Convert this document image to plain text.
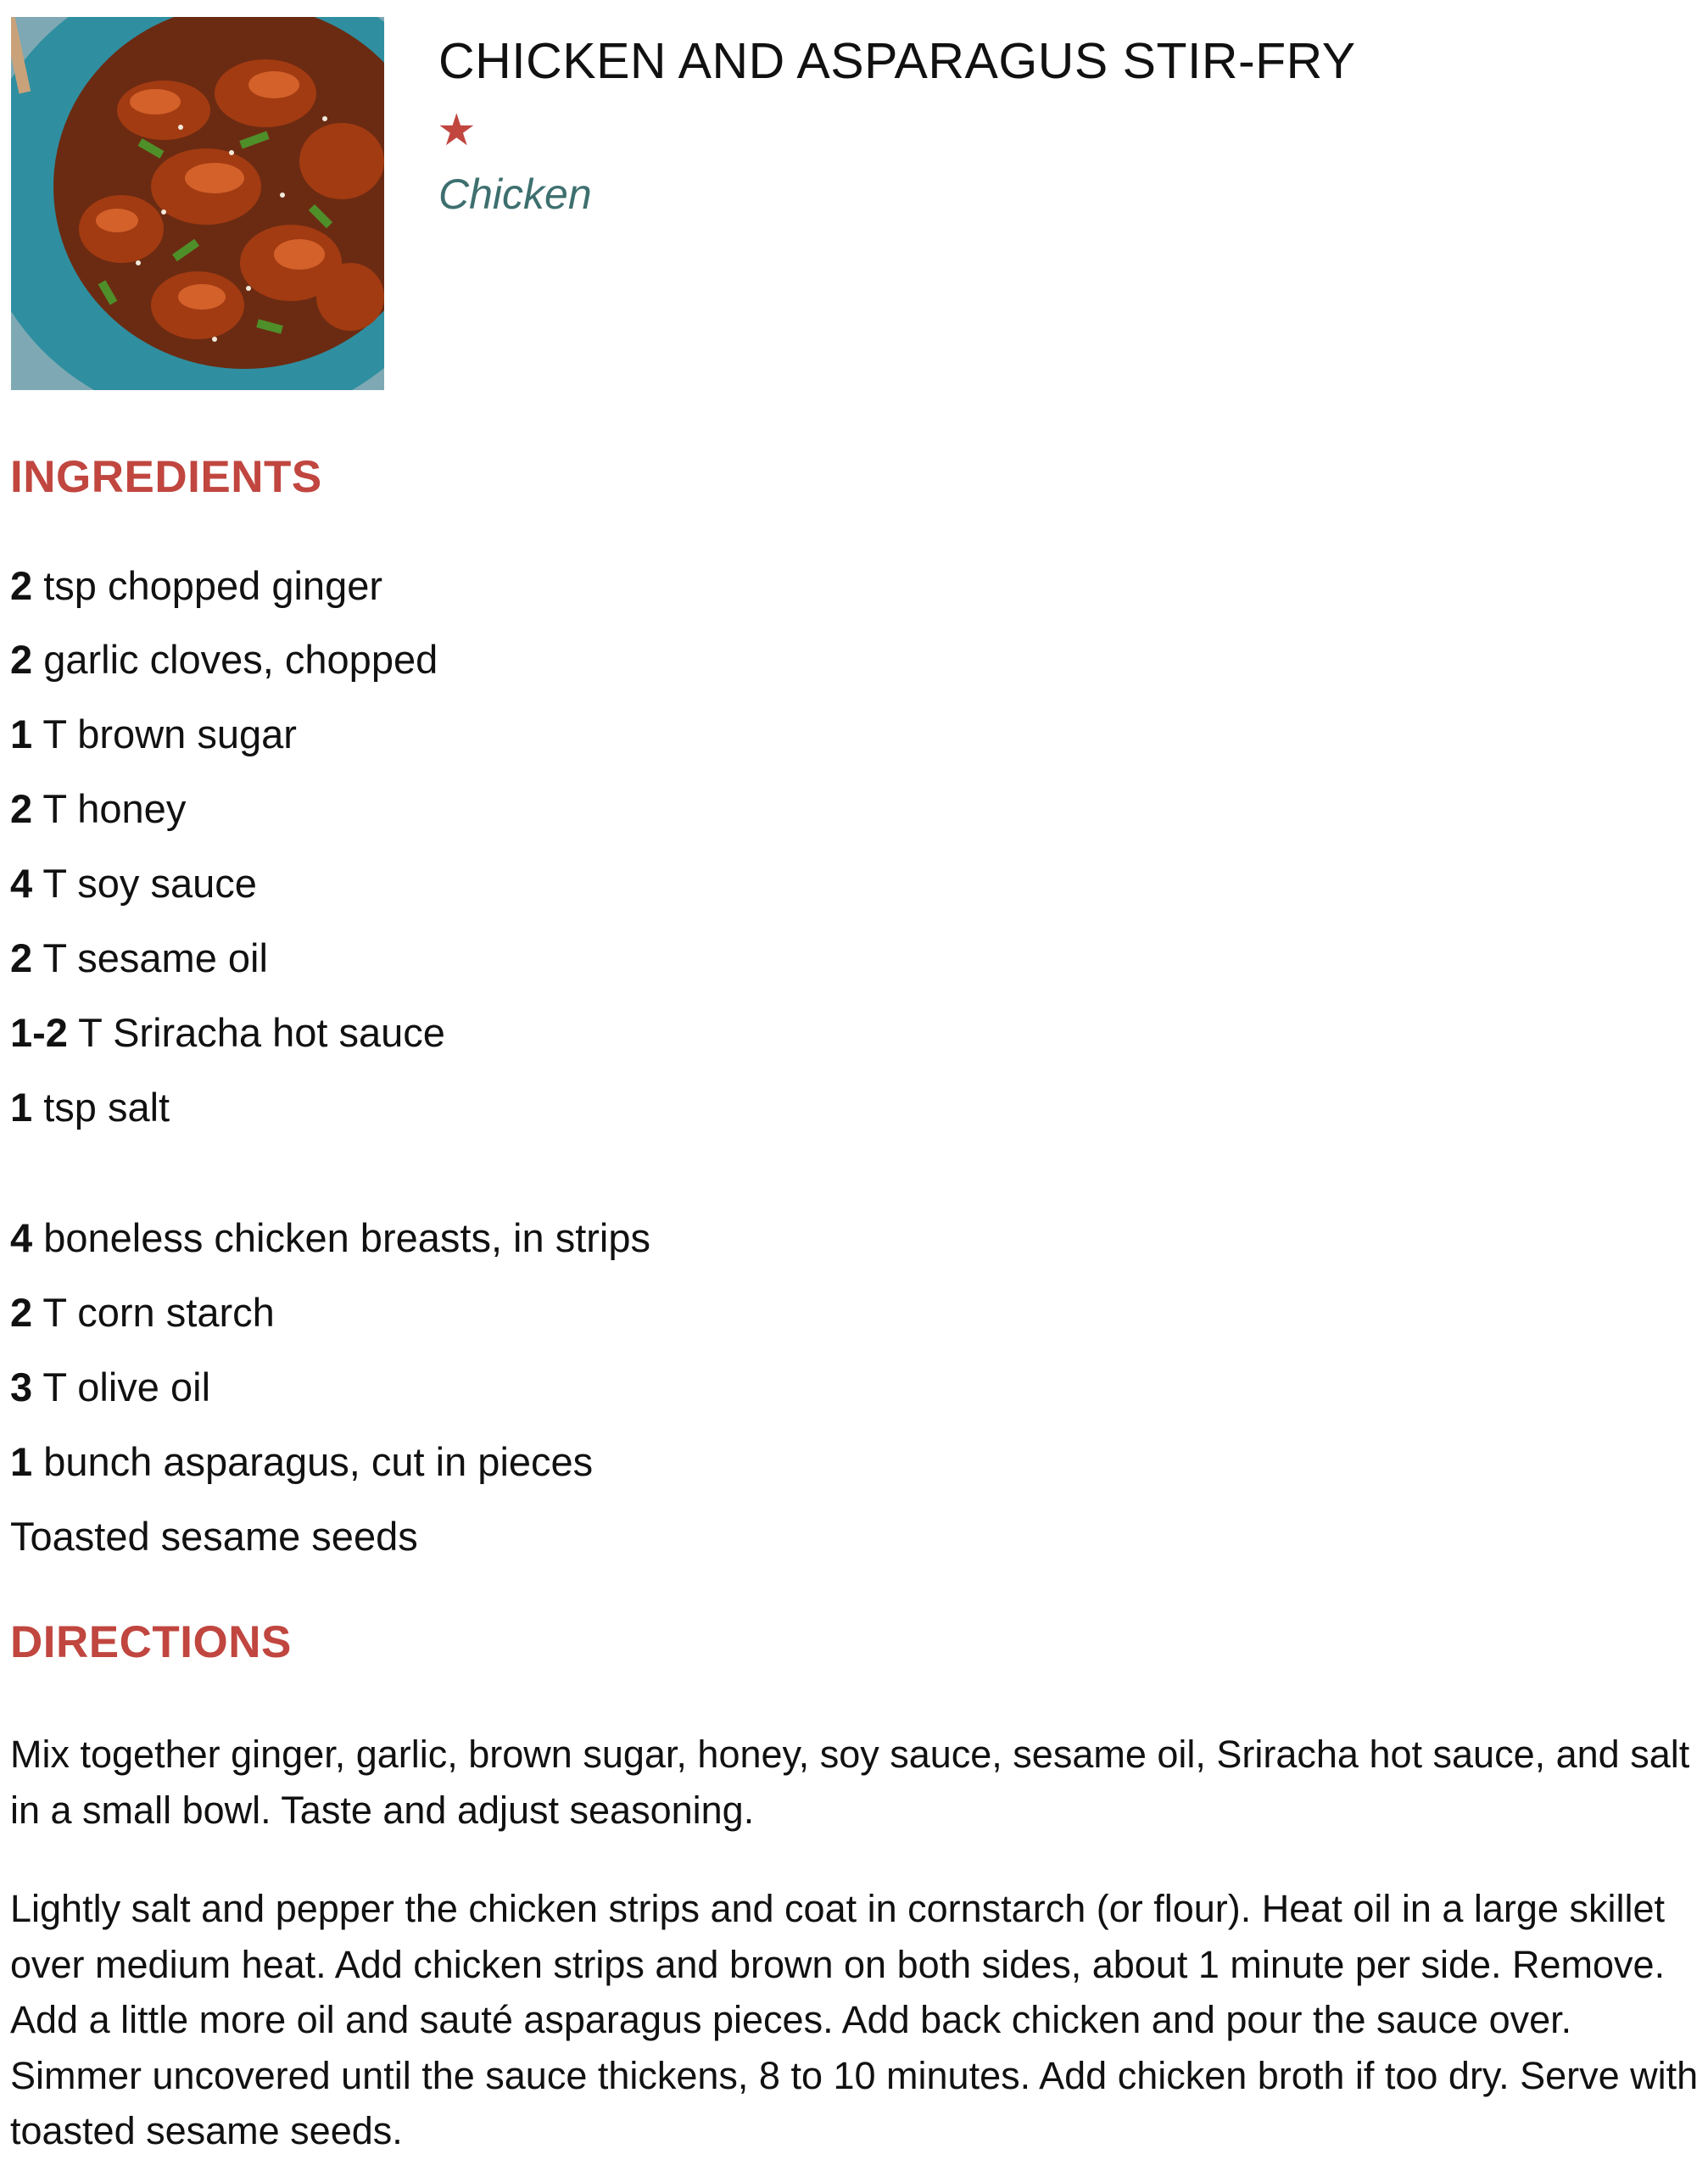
CHICKEN AND ASPARAGUS STIR-FRY
★
Chicken
INGREDIENTS
2 tsp chopped ginger
2 garlic cloves, chopped
1 T brown sugar
2 T honey
4 T soy sauce
2 T sesame oil
1-2 T Sriracha hot sauce
1 tsp salt
4 boneless chicken breasts, in strips
2 T corn starch
3 T olive oil
1 bunch asparagus, cut in pieces
Toasted sesame seeds
DIRECTIONS
Mix together ginger, garlic, brown sugar, honey, soy sauce, sesame oil, Sriracha hot sauce, and salt in a small bowl. Taste and adjust seasoning.
Lightly salt and pepper the chicken strips and coat in cornstarch (or flour). Heat oil in a large skillet over medium heat. Add chicken strips and brown on both sides, about 1 minute per side. Remove. Add a little more oil and sauté asparagus pieces. Add back chicken and pour the sauce over. Simmer uncovered until the sauce thickens, 8 to 10 minutes. Add chicken broth if too dry. Serve with toasted sesame seeds.
